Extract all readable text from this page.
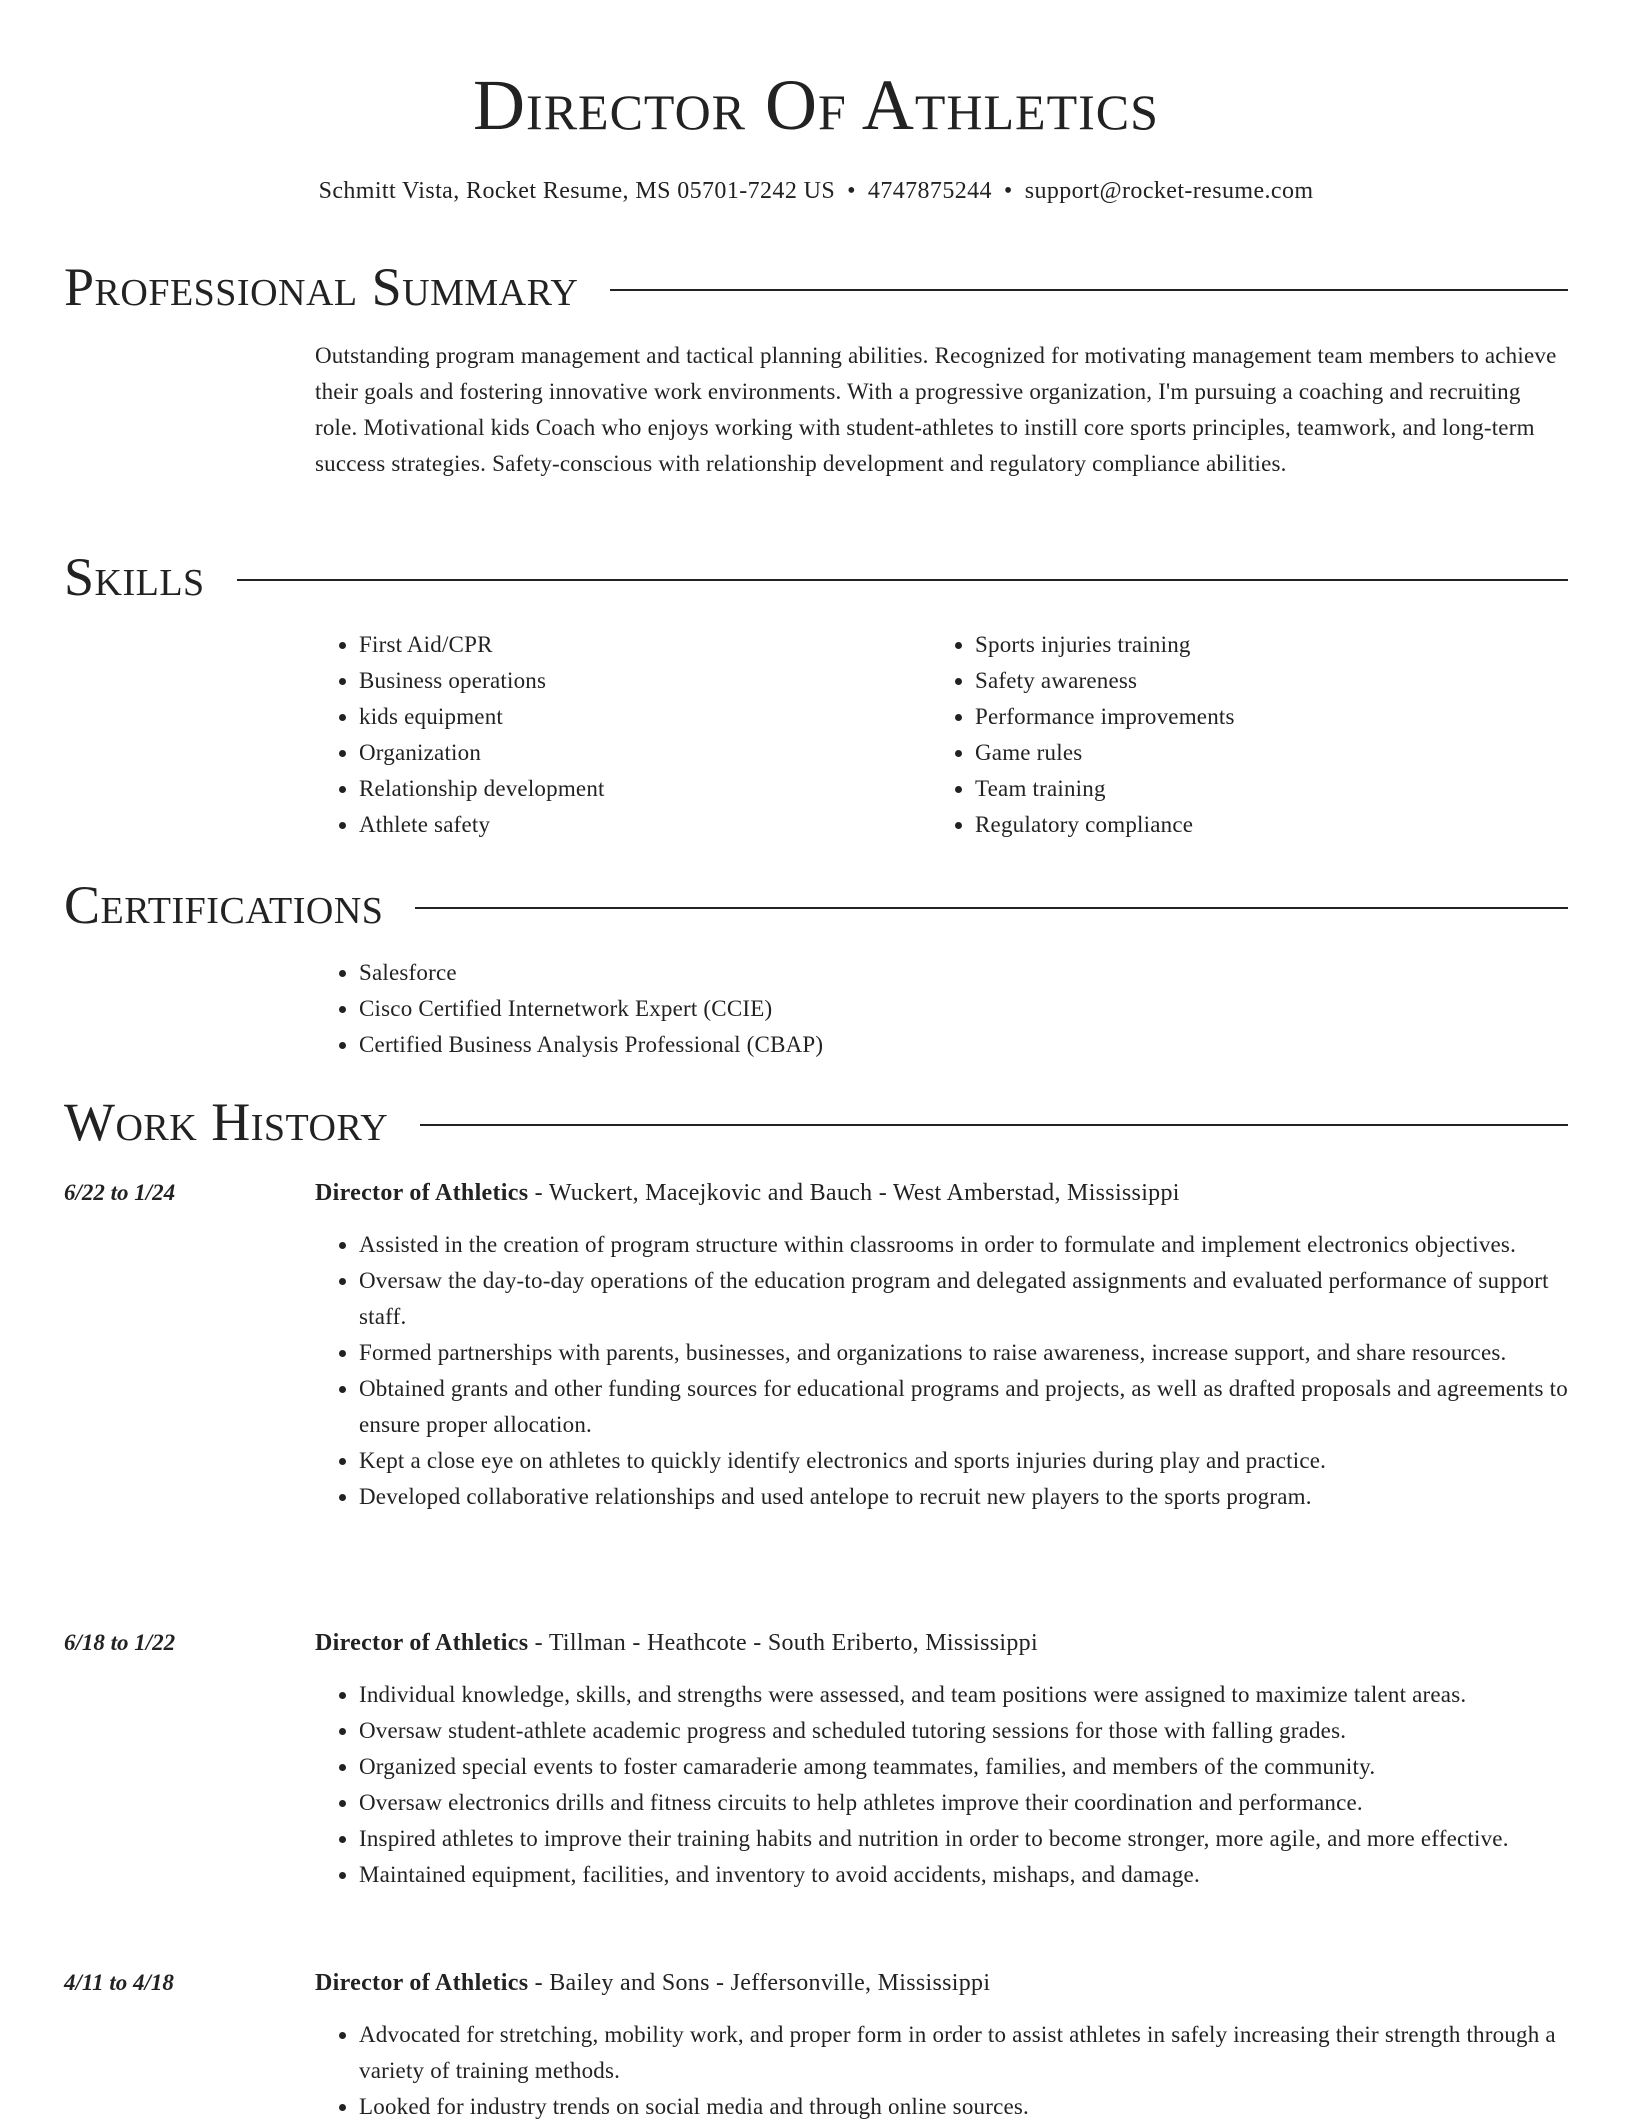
Director Of Athletics
Schmitt Vista, Rocket Resume, MS 05701-7242 US • 4747875244 • support@rocket-resume.com
Professional Summary

Outstanding program management and tactical planning abilities. Recognized for motivating management team members to achieve their goals and fostering innovative work environments. With a progressive organization, I'm pursuing a coaching and recruiting role. Motivational kids Coach who enjoys working with student-athletes to instill core sports principles, teamwork, and long-term success strategies. Safety-conscious with relationship development and regulatory compliance abilities.

Skills
• First Aid/CPR
• Business operations
• kids equipment
• Organization
• Relationship development
• Athlete safety
• Sports injuries training
• Safety awareness
• Performance improvements
• Game rules
• Team training
• Regulatory compliance
Certifications
• Salesforce
• Cisco Certified Internetwork Expert (CCIE)
• Certified Business Analysis Professional (CBAP)
Work History
6/22 to 1/24	Director of Athletics - Wuckert, Macejkovic and Bauch - West Amberstad, Mississippi
• Assisted in the creation of program structure within classrooms in order to formulate and implement electronics objectives.
• Oversaw the day-to-day operations of the education program and delegated assignments and evaluated performance of support staff.
• Formed partnerships with parents, businesses, and organizations to raise awareness, increase support, and share resources.
• Obtained grants and other funding sources for educational programs and projects, as well as drafted proposals and agreements to ensure proper allocation.
• Kept a close eye on athletes to quickly identify electronics and sports injuries during play and practice.
• Developed collaborative relationships and used antelope to recruit new players to the sports program.
6/18 to 1/22	Director of Athletics - Tillman - Heathcote - South Eriberto, Mississippi
• Individual knowledge, skills, and strengths were assessed, and team positions were assigned to maximize talent areas.
• Oversaw student-athlete academic progress and scheduled tutoring sessions for those with falling grades.
• Organized special events to foster camaraderie among teammates, families, and members of the community.
• Oversaw electronics drills and fitness circuits to help athletes improve their coordination and performance.
• Inspired athletes to improve their training habits and nutrition in order to become stronger, more agile, and more effective.
• Maintained equipment, facilities, and inventory to avoid accidents, mishaps, and damage.
4/11 to 4/18	Director of Athletics - Bailey and Sons - Jeffersonville, Mississippi
• Advocated for stretching, mobility work, and proper form in order to assist athletes in safely increasing their strength through a variety of training methods.
• Looked for industry trends on social media and through online sources.
